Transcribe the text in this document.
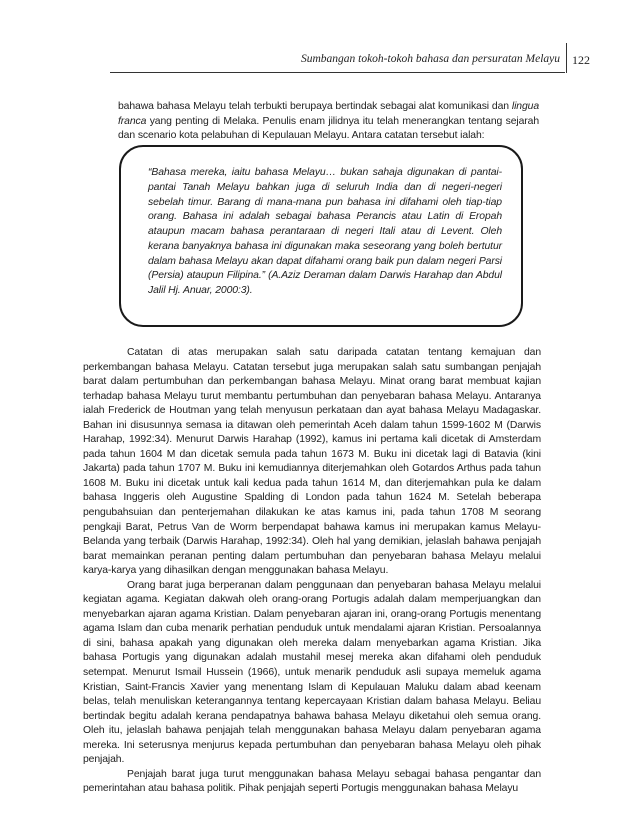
Sumbangan tokoh-tokoh bahasa dan persuratan Melayu 122

bahawa bahasa Melayu telah terbukti berupaya bertindak sebagai alat komunikasi dan lingua franca yang penting di Melaka. Penulis enam jilidnya itu telah menerangkan tentang sejarah dan scenario kota pelabuhan di Kepulauan Melayu. Antara catatan tersebut ialah:

“Bahasa mereka, iaitu bahasa Melayu… bukan sahaja digunakan di pantai-pantai Tanah Melayu bahkan juga di seluruh India dan di negeri-negeri sebelah timur. Barang di mana-mana pun bahasa ini difahami oleh tiap-tiap orang. Bahasa ini adalah sebagai bahasa Perancis atau Latin di Eropah ataupun macam bahasa perantaraan di negeri Itali atau di Levent. Oleh kerana banyaknya bahasa ini digunakan maka seseorang yang boleh bertutur dalam bahasa Melayu akan dapat difahami orang baik pun dalam negeri Parsi (Persia) ataupun Filipina.” (A.Aziz Deraman dalam Darwis Harahap dan Abdul Jalil Hj. Anuar, 2000:3).

Catatan di atas merupakan salah satu daripada catatan tentang kemajuan dan perkembangan bahasa Melayu. Catatan tersebut juga merupakan salah satu sumbangan penjajah barat dalam pertumbuhan dan perkembangan bahasa Melayu. Minat orang barat membuat kajian terhadap bahasa Melayu turut membantu pertumbuhan dan penyebaran bahasa Melayu. Antaranya ialah Frederick de Houtman yang telah menyusun perkataan dan ayat bahasa Melayu Madagaskar. Bahan ini disusunnya semasa ia ditawan oleh pemerintah Aceh dalam tahun 1599-1602 M (Darwis Harahap, 1992:34). Menurut Darwis Harahap (1992), kamus ini pertama kali dicetak di Amsterdam pada tahun 1604 M dan dicetak semula pada tahun 1673 M. Buku ini dicetak lagi di Batavia (kini Jakarta) pada tahun 1707 M. Buku ini kemudiannya diterjemahkan oleh Gotardos Arthus pada tahun 1608 M. Buku ini dicetak untuk kali kedua pada tahun 1614 M, dan diterjemahkan pula ke dalam bahasa Inggeris oleh Augustine Spalding di London pada tahun 1624 M. Setelah beberapa pengubahsuian dan penterjemahan dilakukan ke atas kamus ini, pada tahun 1708 M seorang pengkaji Barat, Petrus Van de Worm berpendapat bahawa kamus ini merupakan kamus Melayu-Belanda yang terbaik (Darwis Harahap, 1992:34). Oleh hal yang demikian, jelaslah bahawa penjajah barat memainkan peranan penting dalam pertumbuhan dan penyebaran bahasa Melayu melalui karya-karya yang dihasilkan dengan menggunakan bahasa Melayu.

Orang barat juga berperanan dalam penggunaan dan penyebaran bahasa Melayu melalui kegiatan agama. Kegiatan dakwah oleh orang-orang Portugis adalah dalam memperjuangkan dan menyebarkan ajaran agama Kristian. Dalam penyebaran ajaran ini, orang-orang Portugis menentang agama Islam dan cuba menarik perhatian penduduk untuk mendalami ajaran Kristian. Persoalannya di sini, bahasa apakah yang digunakan oleh mereka dalam menyebarkan agama Kristian. Jika bahasa Portugis yang digunakan adalah mustahil mesej mereka akan difahami oleh penduduk setempat. Menurut Ismail Hussein (1966), untuk menarik penduduk asli supaya memeluk agama Kristian, Saint-Francis Xavier yang menentang Islam di Kepulauan Maluku dalam abad keenam belas, telah menuliskan keterangannya tentang kepercayaan Kristian dalam bahasa Melayu. Beliau bertindak begitu adalah kerana pendapatnya bahawa bahasa Melayu diketahui oleh semua orang. Oleh itu, jelaslah bahawa penjajah telah menggunakan bahasa Melayu dalam penyebaran agama mereka. Ini seterusnya menjurus kepada pertumbuhan dan penyebaran bahasa Melayu oleh pihak penjajah.

Penjajah barat juga turut menggunakan bahasa Melayu sebagai bahasa pengantar dan pemerintahan atau bahasa politik. Pihak penjajah seperti Portugis menggunakan bahasa Melayu
